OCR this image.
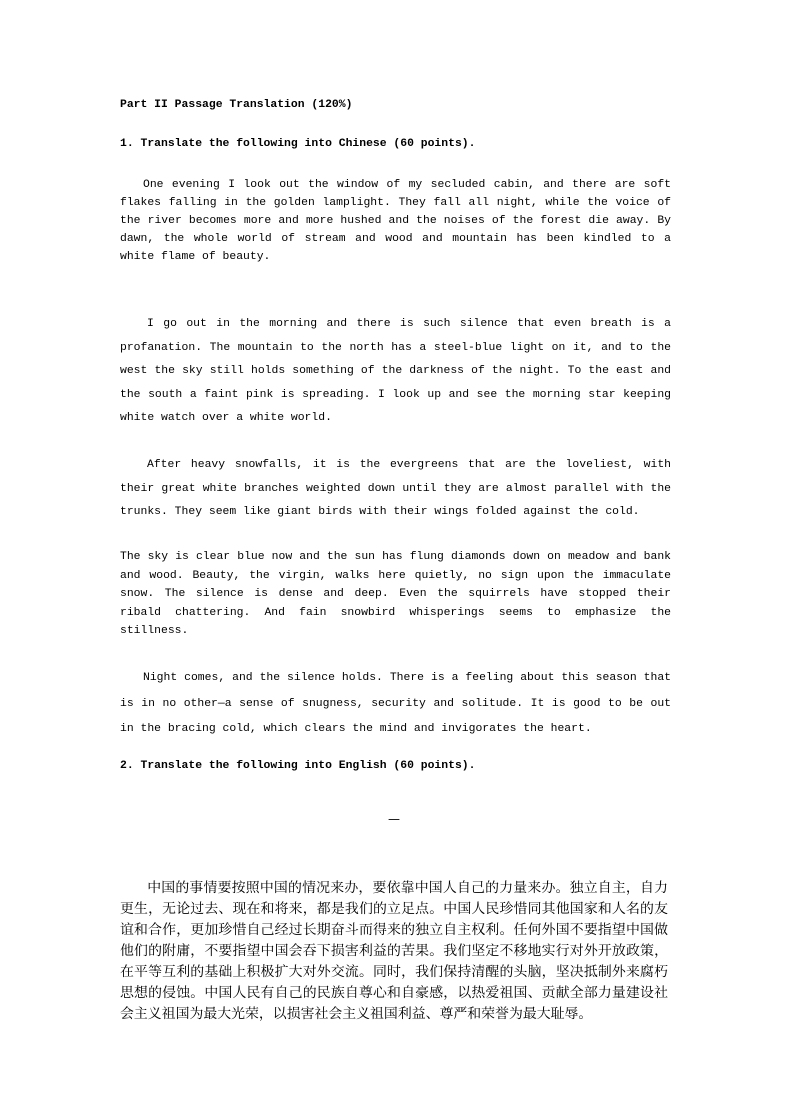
Part II Passage Translation (120%)

1. Translate the following into Chinese (60 points).

One evening I look out the window of my secluded cabin, and there are soft flakes falling in the golden lamplight. They fall all night, while the voice of the river becomes more and more hushed and the noises of the forest die away. By dawn, the whole world of stream and wood and mountain has been kindled to a white flame of beauty.

I go out in the morning and there is such silence that even breath is a profanation. The mountain to the north has a steel-blue light on it, and to the west the sky still holds something of the darkness of the night. To the east and the south a faint pink is spreading. I look up and see the morning star keeping white watch over a white world.

After heavy snowfalls, it is the evergreens that are the loveliest, with their great white branches weighted down until they are almost parallel with the trunks. They seem like giant birds with their wings folded against the cold.

The sky is clear blue now and the sun has flung diamonds down on meadow and bank and wood. Beauty, the virgin, walks here quietly, no sign upon the immaculate snow. The silence is dense and deep. Even the squirrels have stopped their ribald chattering. And fain snowbird whisperings seems to emphasize the stillness.

Night comes, and the silence holds. There is a feeling about this season that is in no other—a sense of snugness, security and solitude. It is good to be out in the bracing cold, which clears the mind and invigorates the heart.

2. Translate the following into English (60 points).

—

中国的事情要按照中国的情况来办，要依靠中国人自己的力量来办。独立自主，自力更生，无论过去、现在和将来，都是我们的立足点。中国人民珍惜同其他国家和人名的友谊和合作，更加珍惜自己经过长期奋斗而得来的独立自主权利。任何外国不要指望中国做他们的附庸，不要指望中国会吞下损害利益的苦果。我们坚定不移地实行对外开放政策，在平等互利的基础上积极扩大对外交流。同时，我们保持清醒的头脑，坚决抵制外来腐朽思想的侵蚀。中国人民有自己的民族自尊心和自豪感，以热爱祖国、贡献全部力量建设社会主义祖国为最大光荣，以损害社会主义祖国利益、尊严和荣誉为最大耻辱。
